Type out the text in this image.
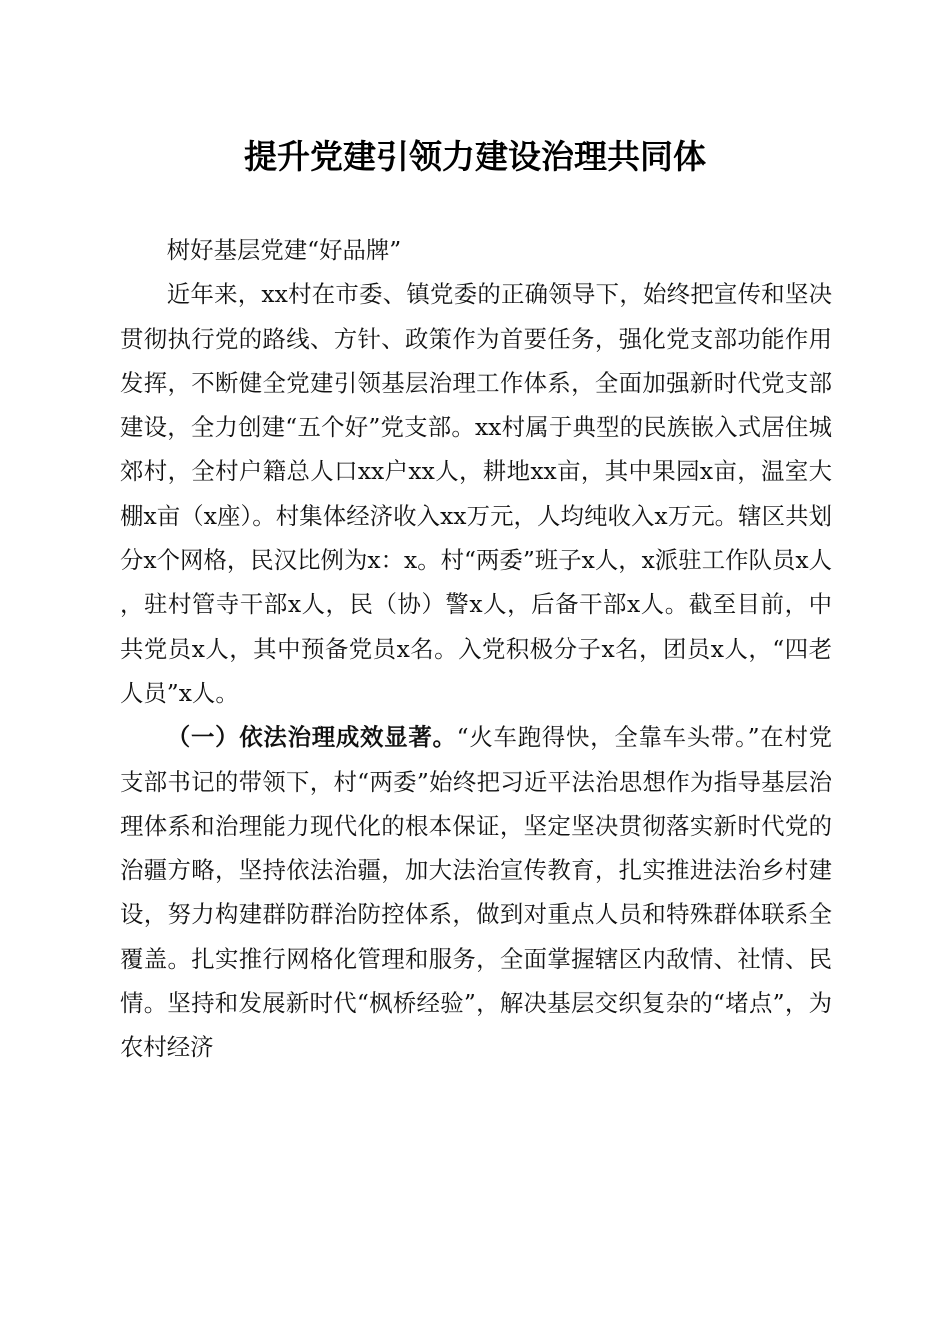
提升党建引领力建设治理共同体

树好基层党建“好品牌”

近年来，xx村在市委、镇党委的正确领导下，始终把宣传和坚决贯彻执行党的路线、方针、政策作为首要任务，强化党支部功能作用发挥，不断健全党建引领基层治理工作体系，全面加强新时代党支部建设，全力创建“五个好”党支部。xx村属于典型的民族嵌入式居住城郊村，全村户籍总人口xx户xx人，耕地xx亩，其中果园x亩，温室大棚x亩（x座）。村集体经济收入xx万元，人均纯收入x万元。辖区共划分x个网格，民汉比例为x：x。村“两委”班子x人，x派驻工作队员x人，驻村管寺干部x人，民（协）警x人，后备干部x人。截至目前，中共党员x人，其中预备党员x名。入党积极分子x名，团员x人，“四老人员”x人。

（一）依法治理成效显著。“火车跑得快，全靠车头带。”在村党支部书记的带领下，村“两委”始终把习近平法治思想作为指导基层治理体系和治理能力现代化的根本保证，坚定坚决贯彻落实新时代党的治疆方略，坚持依法治疆，加大法治宣传教育，扎实推进法治乡村建设，努力构建群防群治防控体系，做到对重点人员和特殊群体联系全覆盖。扎实推行网格化管理和服务，全面掌握辖区内敌情、社情、民情。坚持和发展新时代“枫桥经验”，解决基层交织复杂的“堵点”，为农村经济
